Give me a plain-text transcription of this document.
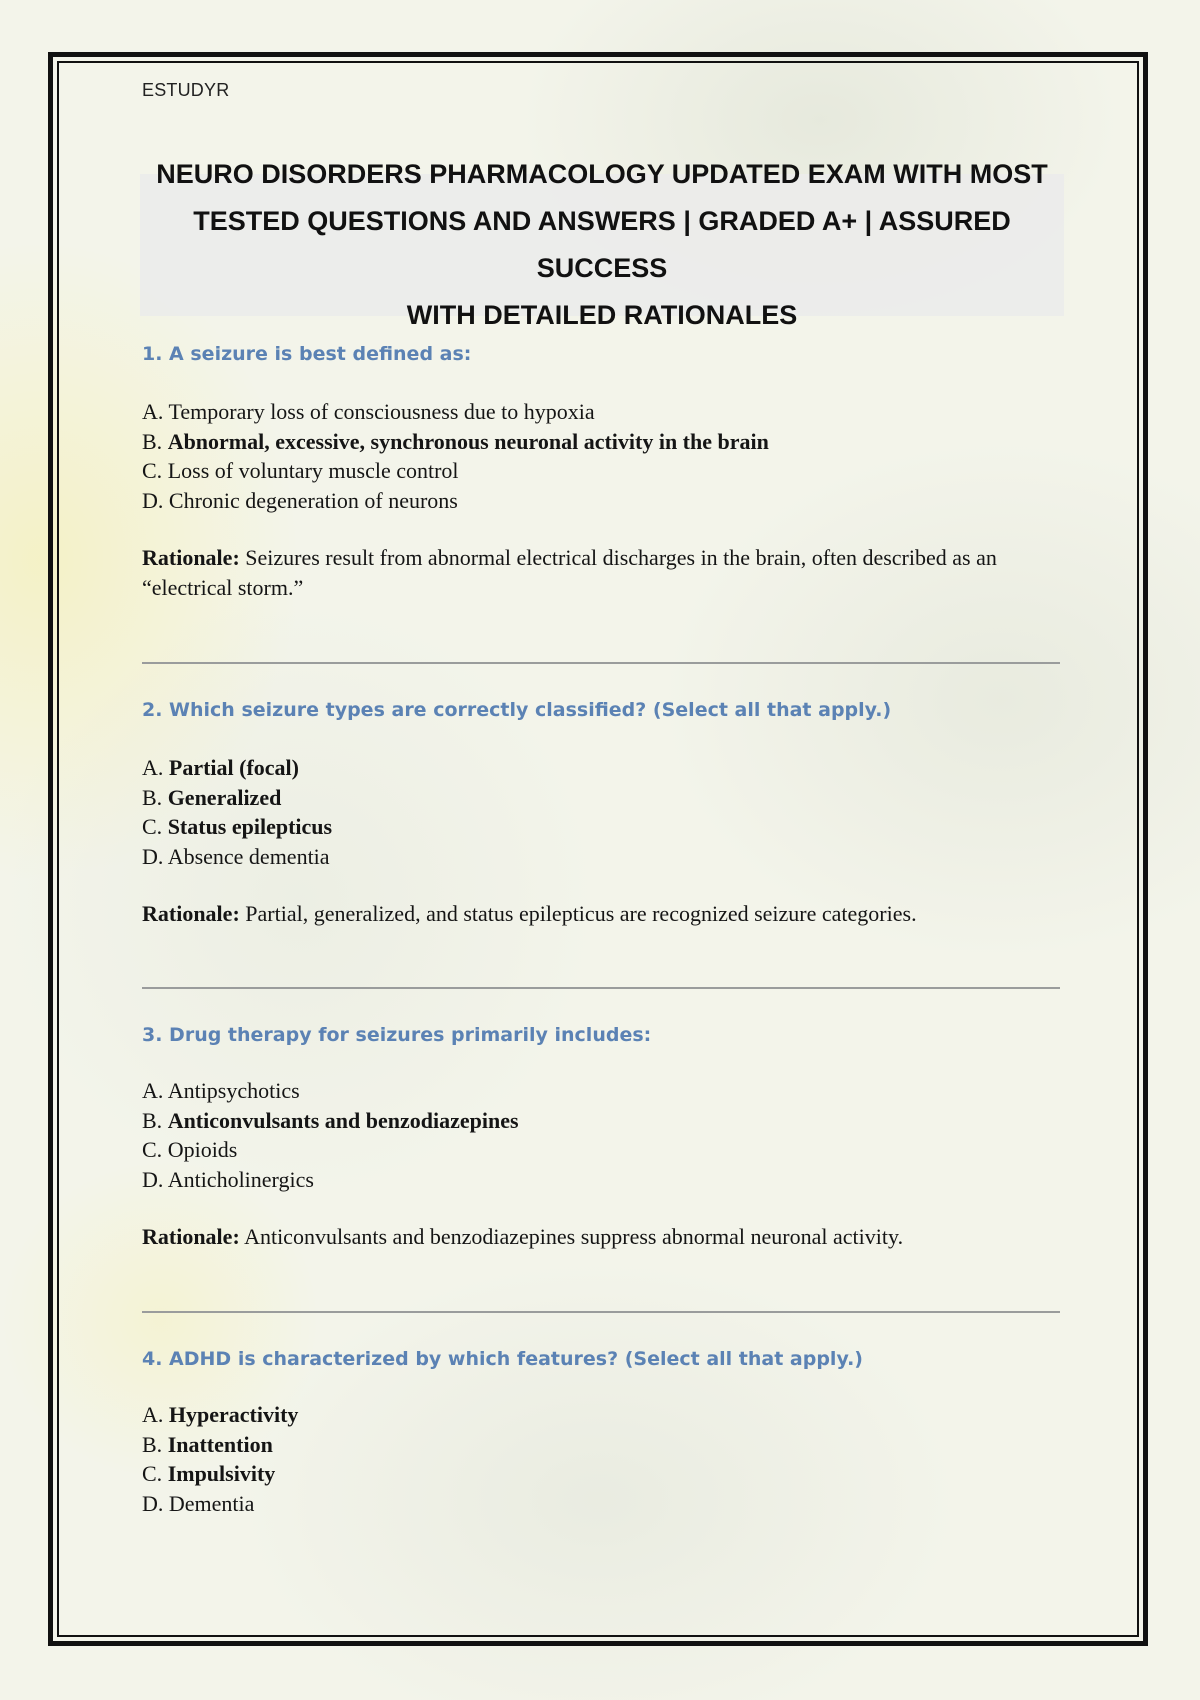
ESTUDYR
NEURO DISORDERS PHARMACOLOGY UPDATED EXAM WITH MOST
TESTED QUESTIONS AND ANSWERS | GRADED A+ | ASSURED SUCCESS
WITH DETAILED RATIONALES
1. A seizure is best defined as:
A. Temporary loss of consciousness due to hypoxia
B. Abnormal, excessive, synchronous neuronal activity in the brain
C. Loss of voluntary muscle control
D. Chronic degeneration of neurons

Rationale: Seizures result from abnormal electrical discharges in the brain, often described as an “electrical storm.”

2. Which seizure types are correctly classified? (Select all that apply.)
A. Partial (focal)
B. Generalized
C. Status epilepticus
D. Absence dementia

Rationale: Partial, generalized, and status epilepticus are recognized seizure categories.

3. Drug therapy for seizures primarily includes:
A. Antipsychotics
B. Anticonvulsants and benzodiazepines
C. Opioids
D. Anticholinergics

Rationale: Anticonvulsants and benzodiazepines suppress abnormal neuronal activity.

4. ADHD is characterized by which features? (Select all that apply.)
A. Hyperactivity
B. Inattention
C. Impulsivity
D. Dementia
